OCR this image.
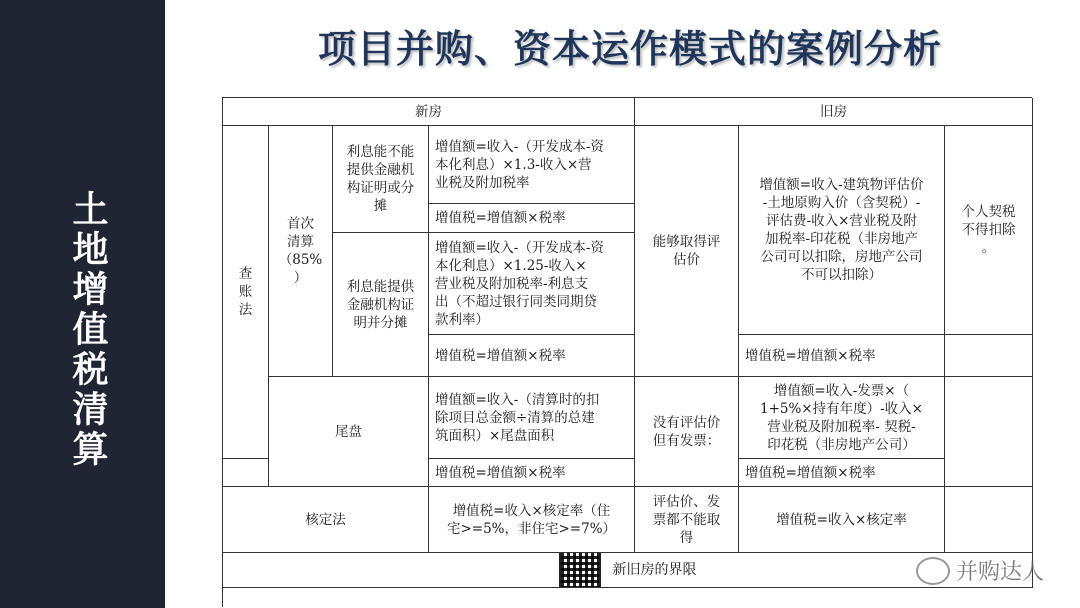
土地增值税清算
项目并购、资本运作模式的案例分析
新房	旧房
查
账
法
首次
清算
（85%
）
利息能不能
提供金融机
构证明或分
摊
增值额=收入-（开发成本-资
本化利息）×1.3-收入×营
业税及附加税率
增值税=增值额×税率
利息能提供
金融机构证
明并分摊
增值额=收入-（开发成本-资
本化利息）×1.25-收入×
营业税及附加税率-利息支
出（不超过银行同类同期贷
款利率）
增值税=增值额×税率
尾盘
增值额=收入-（清算时的扣
除项目总金额÷清算的总建
筑面积）×尾盘面积
增值税=增值额×税率
核定法
增值税=收入×核定率（住
宅>=5%，非住宅>=7%）
能够取得评
估价
增值额=收入-建筑物评估价
-土地原购入价（含契税）-
评估费-收入×营业税及附
加税率-印花税（非房地产
公司可以扣除，房地产公司
不可以扣除）
个人契税
不得扣除
。
增值税=增值额×税率
没有评估价
但有发票：
增值额=收入-发票×（
1+5%×持有年度）-收入×
营业税及附加税率- 契税-
印花税（非房地产公司）
增值税=增值额×税率
评估价、发
票都不能取
得
增值税=收入×核定率
新旧房的界限	并购达人
